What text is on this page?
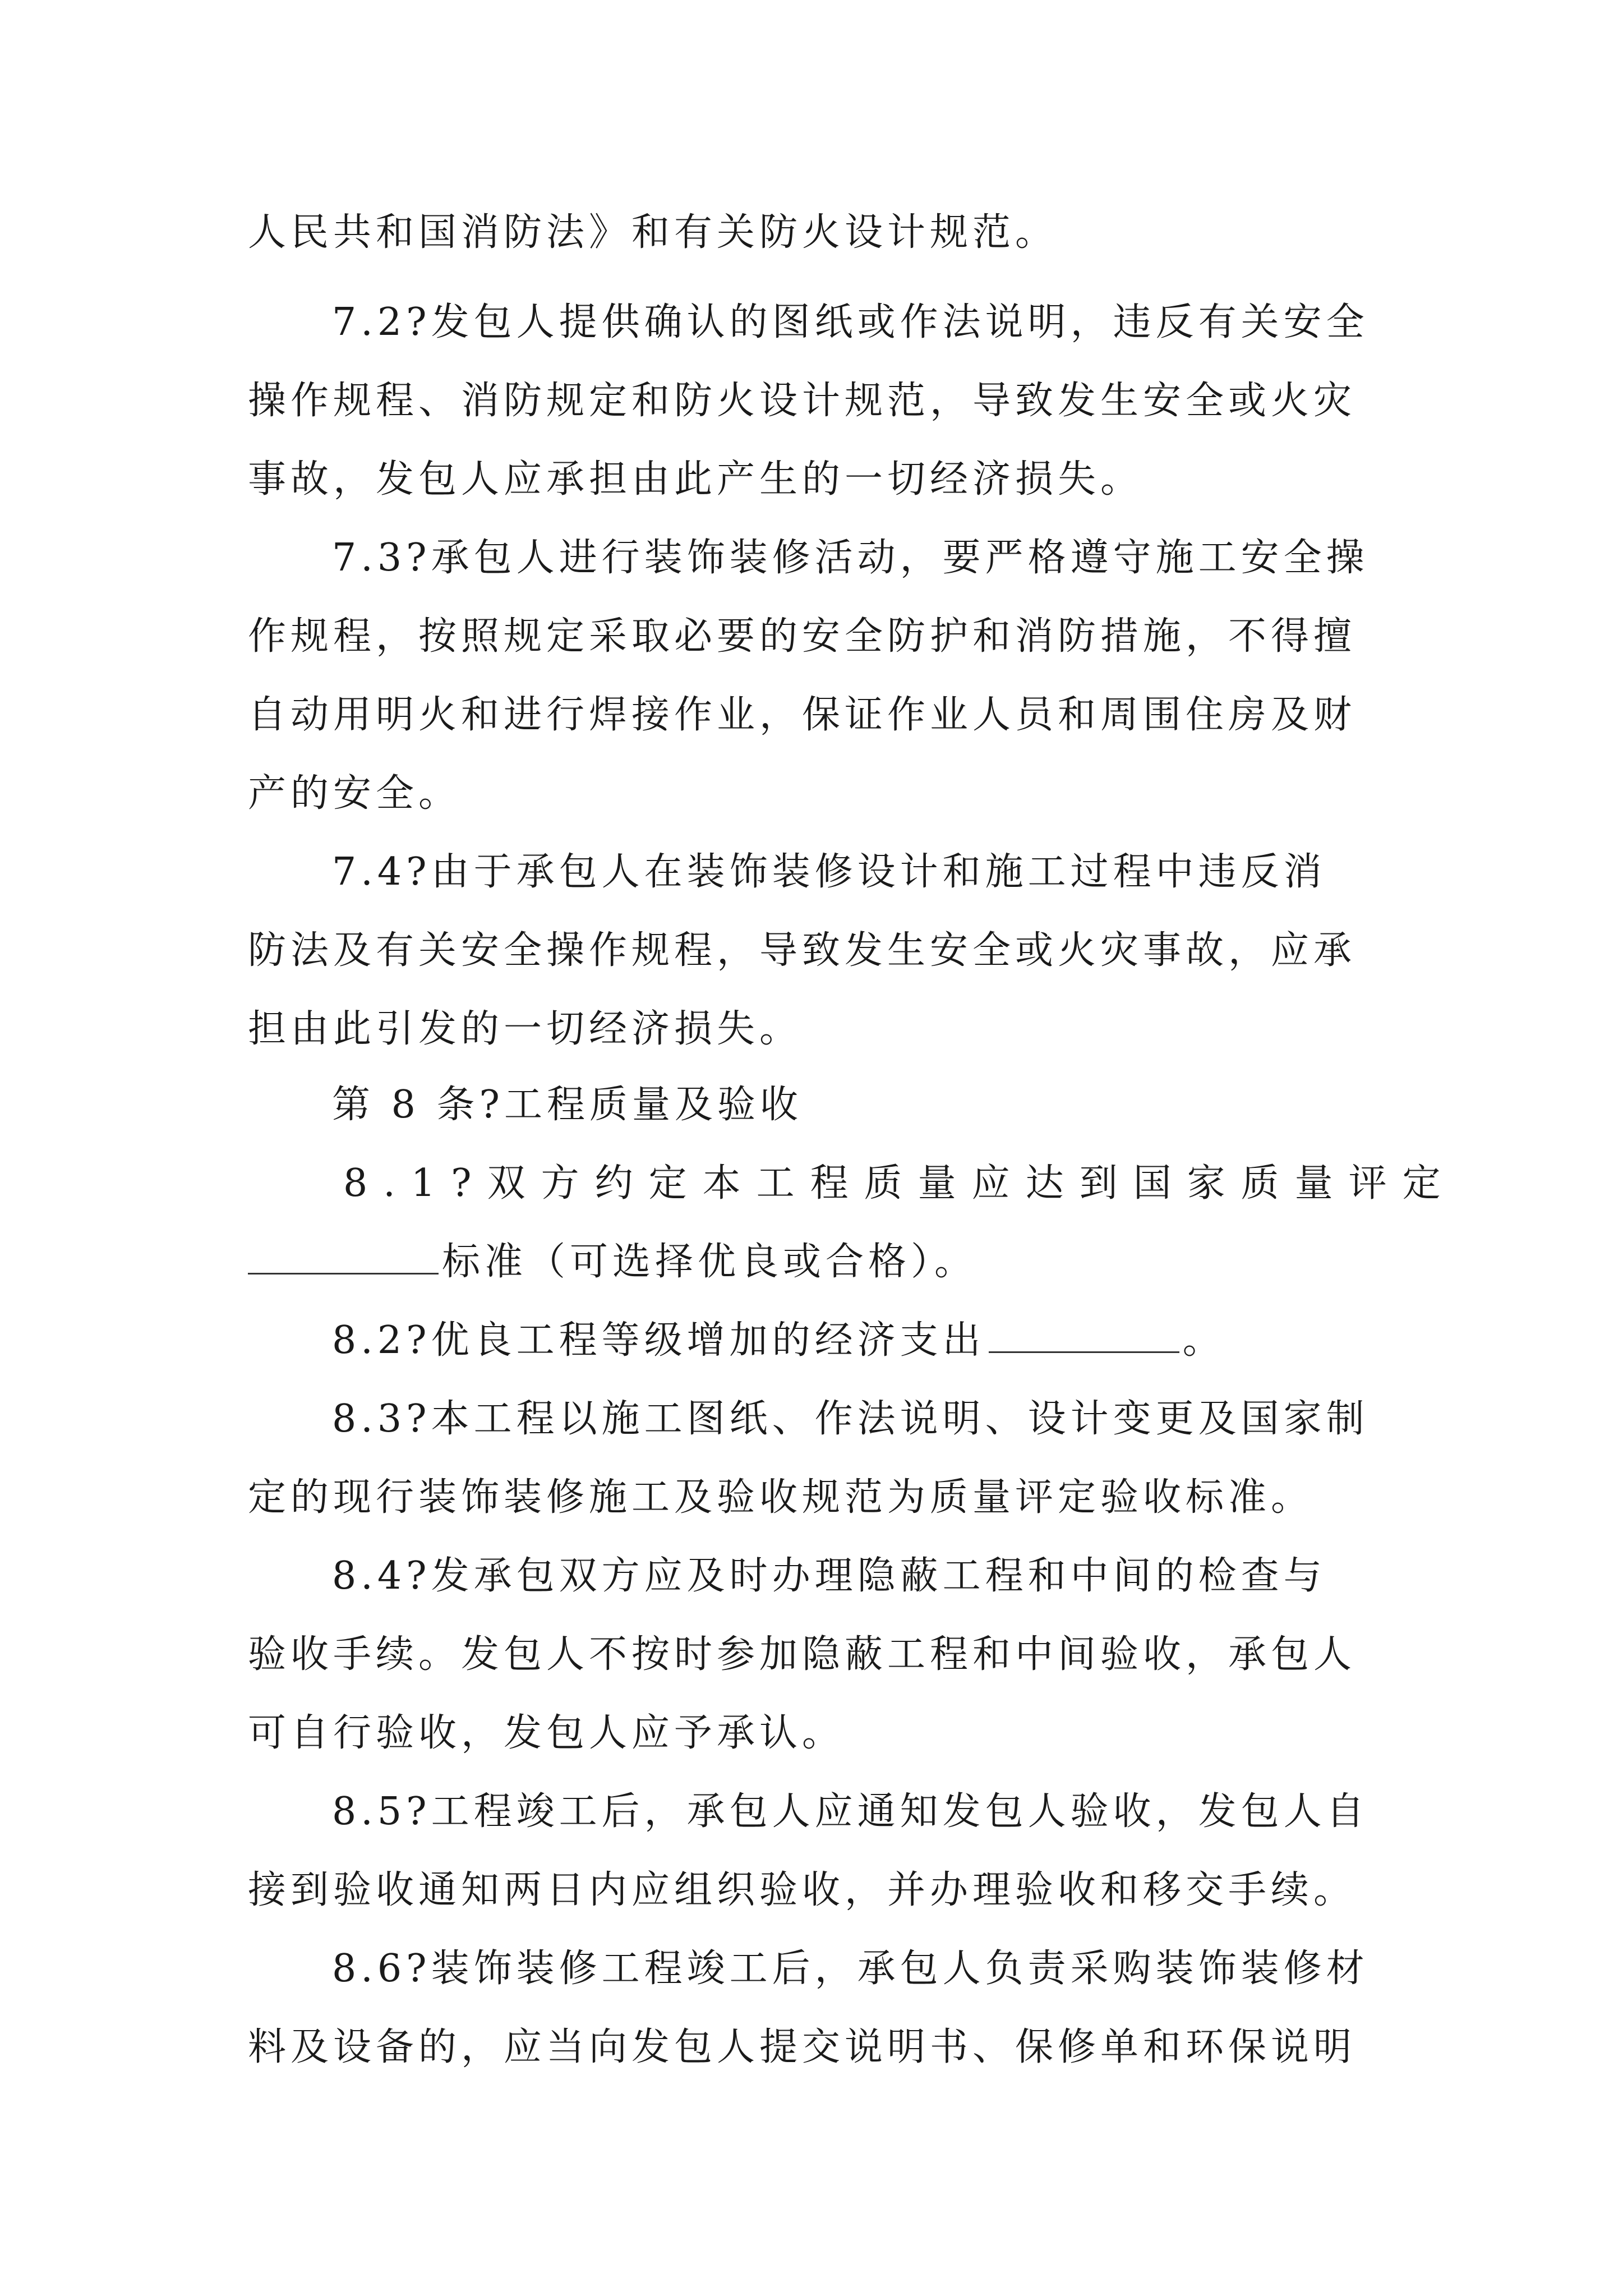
人民共和国消防法》和有关防火设计规范。
7.2?发包人提供确认的图纸或作法说明，违反有关安全
操作规程、消防规定和防火设计规范，导致发生安全或火灾
事故，发包人应承担由此产生的一切经济损失。
7.3?承包人进行装饰装修活动，要严格遵守施工安全操
作规程，按照规定采取必要的安全防护和消防措施，不得擅
自动用明火和进行焊接作业，保证作业人员和周围住房及财
产的安全。
7.4?由于承包人在装饰装修设计和施工过程中违反消
防法及有关安全操作规程，导致发生安全或火灾事故，应承
担由此引发的一切经济损失。
第 8 条?工程质量及验收
8.1?双方约定本工程质量应达到国家质量评定
标准（可选择优良或合格）。
8.2?优良工程等级增加的经济支出	。
8.3?本工程以施工图纸、作法说明、设计变更及国家制
定的现行装饰装修施工及验收规范为质量评定验收标准。
8.4?发承包双方应及时办理隐蔽工程和中间的检查与
验收手续。发包人不按时参加隐蔽工程和中间验收，承包人
可自行验收，发包人应予承认。
8.5?工程竣工后，承包人应通知发包人验收，发包人自
接到验收通知两日内应组织验收，并办理验收和移交手续。
8.6?装饰装修工程竣工后，承包人负责采购装饰装修材
料及设备的，应当向发包人提交说明书、保修单和环保说明
